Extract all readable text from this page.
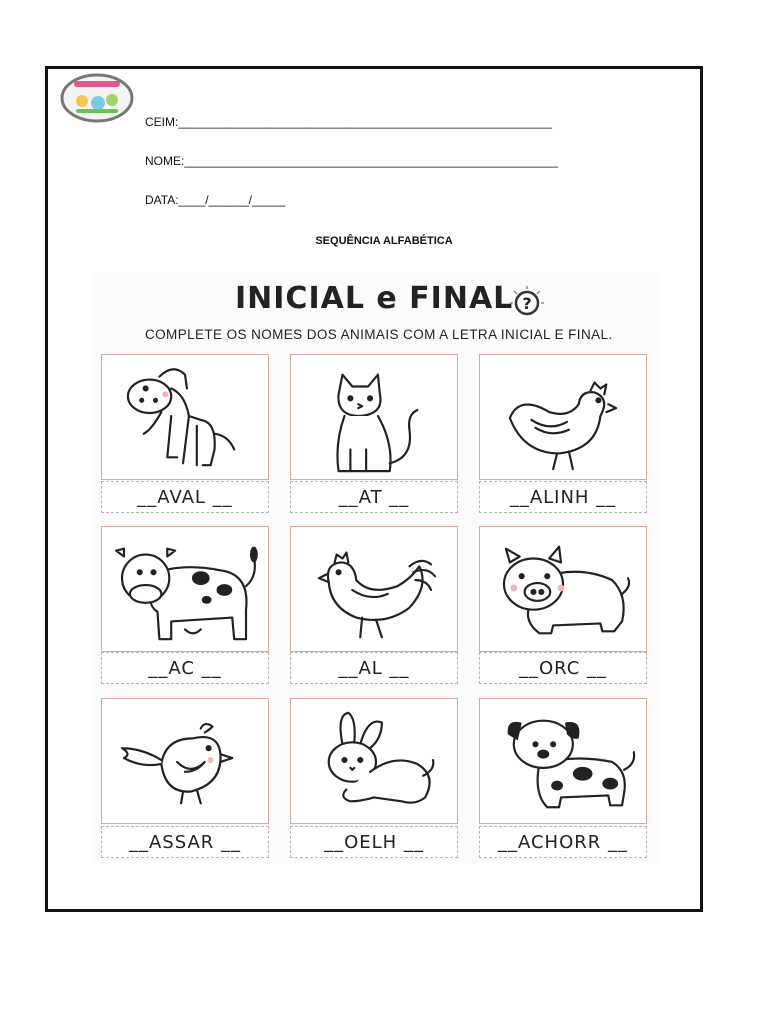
CEIM:________________________________________________________
NOME:________________________________________________________
DATA:____/______/_____
SEQUÊNCIA ALFABÉTICA
INICIAL e FINAL ?
COMPLETE OS NOMES DOS ANIMAIS COM A LETRA INICIAL E FINAL.
__AVAL __	__AT __	__ALINH __
__AC __	__AL __	__ORC __
__ASSAR __	__OELH __	__ACHORR __
